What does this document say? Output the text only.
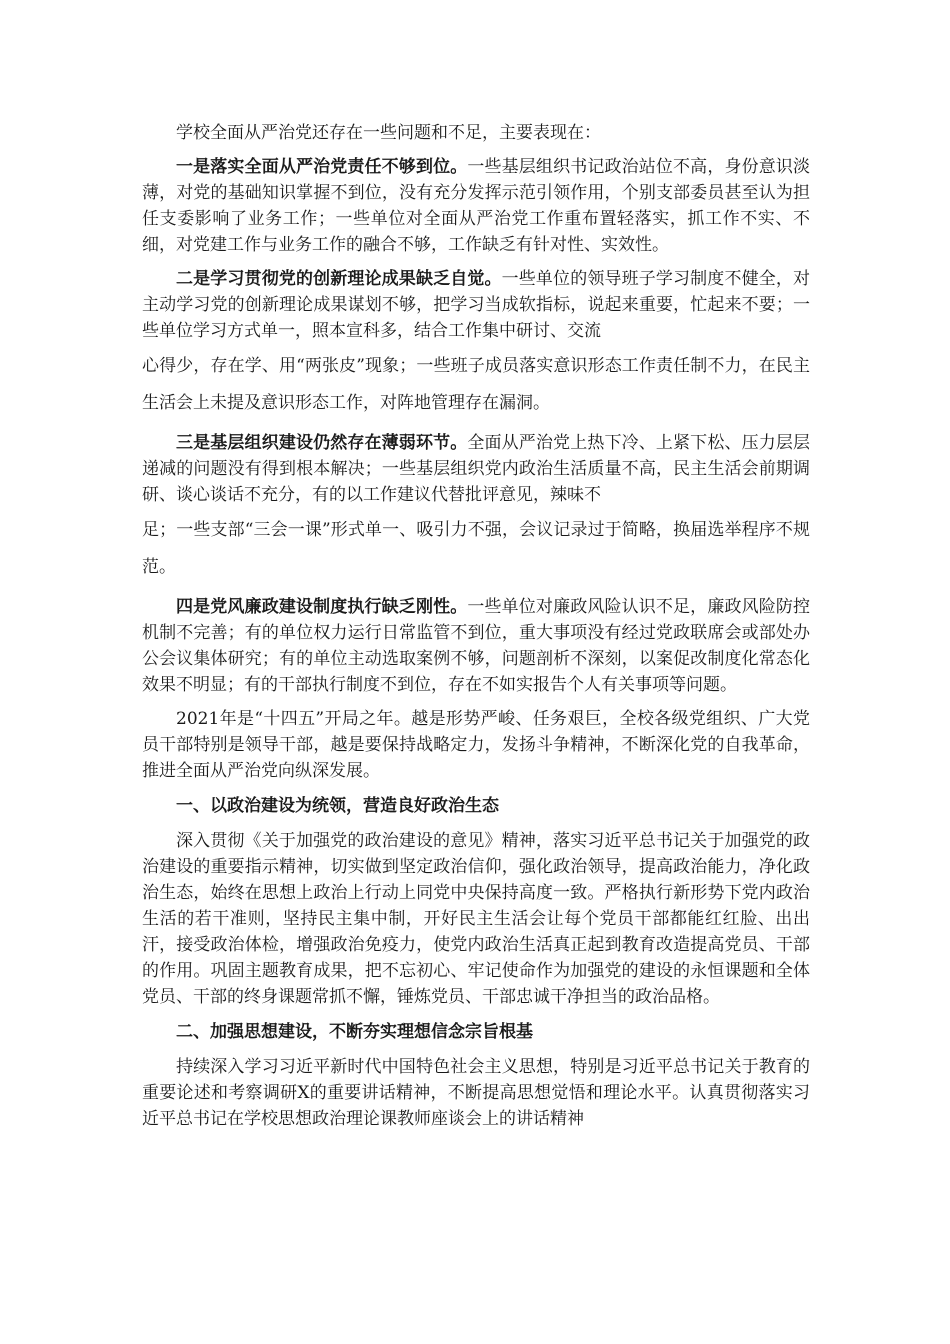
学校全面从严治党还存在一些问题和不足，主要表现在：

一是落实全面从严治党责任不够到位。一些基层组织书记政治站位不高，身份意识淡薄，对党的基础知识掌握不到位，没有充分发挥示范引领作用，个别支部委员甚至认为担任支委影响了业务工作；一些单位对全面从严治党工作重布置轻落实，抓工作不实、不细，对党建工作与业务工作的融合不够，工作缺乏有针对性、实效性。

二是学习贯彻党的创新理论成果缺乏自觉。一些单位的领导班子学习制度不健全，对主动学习党的创新理论成果谋划不够，把学习当成软指标，说起来重要，忙起来不要；一些单位学习方式单一，照本宣科多，结合工作集中研讨、交流

心得少，存在学、用“两张皮”现象；一些班子成员落实意识形态工作责任制不力，在民主生活会上未提及意识形态工作，对阵地管理存在漏洞。

三是基层组织建设仍然存在薄弱环节。全面从严治党上热下冷、上紧下松、压力层层递减的问题没有得到根本解决；一些基层组织党内政治生活质量不高，民主生活会前期调研、谈心谈话不充分，有的以工作建议代替批评意见，辣味不

足；一些支部“三会一课”形式单一、吸引力不强，会议记录过于简略，换届选举程序不规范。

四是党风廉政建设制度执行缺乏刚性。一些单位对廉政风险认识不足，廉政风险防控机制不完善；有的单位权力运行日常监管不到位，重大事项没有经过党政联席会或部处办公会议集体研究；有的单位主动选取案例不够，问题剖析不深刻，以案促改制度化常态化效果不明显；有的干部执行制度不到位，存在不如实报告个人有关事项等问题。

2021年是“十四五”开局之年。越是形势严峻、任务艰巨，全校各级党组织、广大党员干部特别是领导干部，越是要保持战略定力，发扬斗争精神，不断深化党的自我革命，推进全面从严治党向纵深发展。

一、以政治建设为统领，营造良好政治生态

深入贯彻《关于加强党的政治建设的意见》精神，落实习近平总书记关于加强党的政治建设的重要指示精神，切实做到坚定政治信仰，强化政治领导，提高政治能力，净化政治生态，始终在思想上政治上行动上同党中央保持高度一致。严格执行新形势下党内政治生活的若干准则，坚持民主集中制，开好民主生活会让每个党员干部都能红红脸、出出汗，接受政治体检，增强政治免疫力，使党内政治生活真正起到教育改造提高党员、干部的作用。巩固主题教育成果，把不忘初心、牢记使命作为加强党的建设的永恒课题和全体党员、干部的终身课题常抓不懈，锤炼党员、干部忠诚干净担当的政治品格。

二、加强思想建设，不断夯实理想信念宗旨根基

持续深入学习习近平新时代中国特色社会主义思想，特别是习近平总书记关于教育的重要论述和考察调研X的重要讲话精神，不断提高思想觉悟和理论水平。认真贯彻落实习近平总书记在学校思想政治理论课教师座谈会上的讲话精神
